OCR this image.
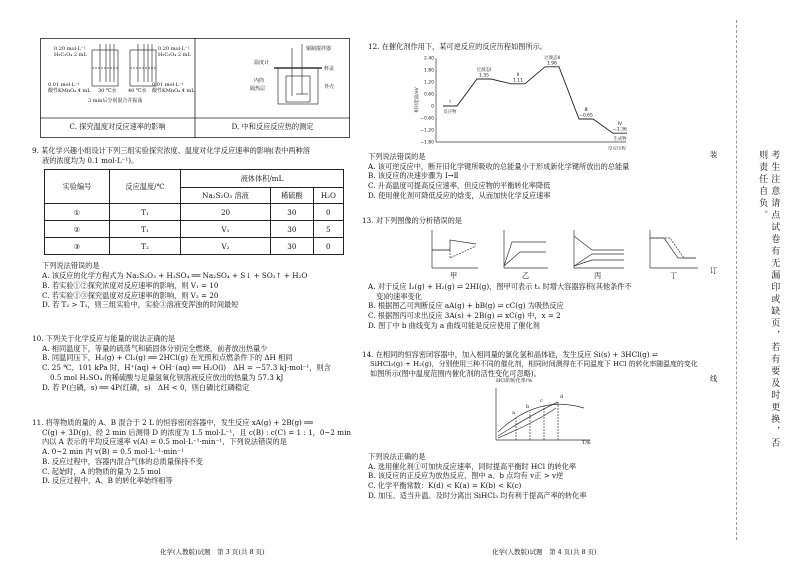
0.20 mol·L⁻¹
H₂C₂O₄ 2 mL
0.20 mol·L⁻¹
H₂C₂O₄ 2 mL
0.01 mol·L⁻¹
酸性KMnO₄ 4 mL 30 ℃水 40 ℃水
0.01 mol·L⁻¹
酸性KMnO₄ 4 mL
3 min后分别混合并振荡
铜制搅拌器
温度计
内筒
隔热层
杯盖
外壳
C. 探究温度对反应速率的影响	D. 中和反应反应热的测定

9. 某化学兴趣小组设计下列三组实验探究浓度、温度对化学反应速率的影响(表中两种溶

液的浓度均为 0.1 mol·L⁻¹)。

实验编号	反应温度/℃	液体体积/mL		
		Na₂S₂O₃ 溶液	稀硫酸	H₂O
①	T₁	20	30	0
②	T₁	V₁	30	5
③	T₂	V₂	30	0

下列说法错误的是

A. 该反应的化学方程式为 Na₂S₂O₃ + H₂SO₄ ══ Na₂SO₄ + S↓ + SO₂↑ + H₂O

B. 若实验①②探究浓度对反应速率的影响，则 V₁ = 10

C. 若实验①③探究温度对反应速率的影响，则 V₂ = 20

D. 若 T₂ > T₁，则三组实验中，实验③溶液变浑浊的时间最短

10. 下列关于化学反应与能量的说法正确的是

A. 相同温度下，等量的硫蒸气和硫固体分别完全燃烧，前者放出热量少

B. 同温同压下，H₂(g) + Cl₂(g) ══ 2HCl(g) 在光照和点燃条件下的 ΔH 相同

C. 25 ℃、101 kPa 时，H⁺(aq) + OH⁻(aq) ══ H₂O(l)　ΔH = −57.3 kJ·mol⁻¹，则含

0.5 mol H₂SO₄ 的稀硫酸与足量氢氧化钡溶液反应放出的热量为 57.3 kJ

D. 若 P(白磷，s) ══ 4P(红磷，s)　ΔH < 0，则白磷比红磷稳定

11. 将等物质的量的 A、B 混合于 2 L 的恒容密闭容器中，发生反应 xA(g) + 2B(g) ══

C(g) + 3D(g)，经 2 min 后测得 D 的浓度为 1.5 mol·L⁻¹，且 c(B) : c(C) = 1 : 1，0~2 min

内以 A 表示的平均反应速率 v(A) = 0.5 mol·L⁻¹·min⁻¹，下列说法错误的是

A. 0~2 min 内 v(B) = 0.5 mol·L⁻¹·min⁻¹

B. 反应过程中，容器内混合气体的总质量保持不变

C. 起始时，A 的物质的量为 2.5 mol

D. 反应过程中，A、B 的转化率始终相等

12. 在催化剂作用下，某可逆反应的反应历程如图所示。

2.40
1.80
1.20
0.60
0
−0.60
−1.20
−1.80
相对能量/eV
反应历程
I
反应物
过渡态Ⅰ
1.35	Ⅱ
1.11
过渡态Ⅱ
1.96
Ⅲ
−0.65
Ⅳ
−1.36
生成物

下列说法错误的是

A. 该可逆反应中，断开旧化学键所吸收的总能量小于形成新化学键所放出的总能量

B. 该反应的决速步骤为 Ⅰ→Ⅱ

C. 升高温度可提高反应速率，但反应物的平衡转化率降低

D. 使用催化剂可降低反应的焓变，从而加快化学反应速率

13. 对下列图像的分析错误的是

甲	乙	丙	丁

A. 对于反应 I₂(g) + H₂(g) ⇌ 2HI(g)，图甲可表示 t₁ 时增大容器容积(其他条件不

变)的速率变化

B. 根据图乙可判断反应 aA(g) + bB(g) ⇌ cC(g) 为吸热反应

C. 根据图丙可求出反应 3A(s) + 2B(g) ⇌ xC(g) 中，x = 2

D. 图丁中 b 曲线变为 a 曲线可能是反应使用了催化剂

14. 在相同的恒容密闭容器中，加入相同量的氯化氢和晶体硅，发生反应 Si(s) + 3HCl(g) ⇌

SiHCl₃(g) + H₂(g)，分别使用三种不同的催化剂，相同时间测得在不同温度下 HCl 的转化率随温度的变化

如图所示(图中温度范围内催化剂的活性变化可忽略)。

HCl的转化率/%
T/K
a
b
c
d

下列说法正确的是

A. 选用催化剂①可加快反应速率，同时提高平衡时 HCl 的转化率

B. 该反应的正反应为放热反应，图中 a、b 点均有 v正 > v逆

C. 化学平衡常数：K(d) < K(a) = K(b) < K(c)

D. 加压、适当升温、及时分离出 SiHCl₃ 均有利于提高产率的转化率

装
订
线	考生注意请点试卷有无漏印或缺页，若有要及时更换，否则责任自负。
化学(人教版)试题　第 3 页(共 8 页)	化学(人教版)试题　第 4 页(共 8 页)
